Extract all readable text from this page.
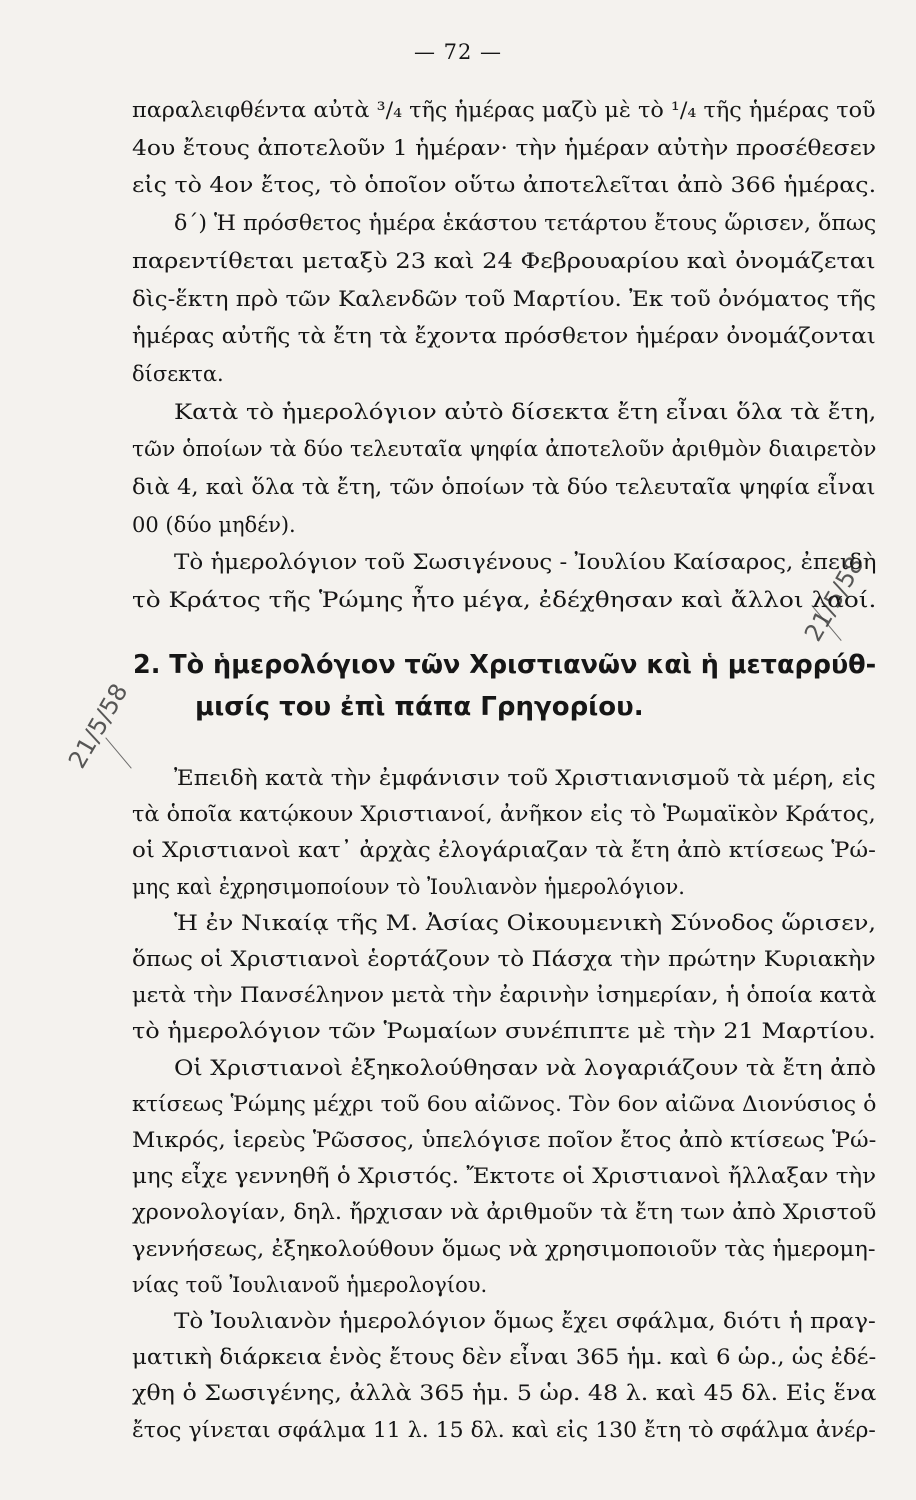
— 72 —
παραλειφθέντα αὐτὰ ³/₄ τῆς ἡμέρας μαζὺ μὲ τὸ ¹/₄ τῆς ἡμέρας τοῦ
4ου ἔτους ἀποτελοῦν 1 ἡμέραν· τὴν ἡμέραν αὐτὴν προσέθεσεν
εἰς τὸ 4ον ἔτος, τὸ ὁποῖον οὕτω ἀποτελεῖται ἀπὸ 366 ἡμέρας.
δ΄) Ἡ πρόσθετος ἡμέρα ἑκάστου τετάρτου ἔτους ὥρισεν, ὅπως
παρεντίθεται μεταξὺ 23 καὶ 24 Φεβρουαρίου καὶ ὀνομάζεται
δὶς-ἕκτη πρὸ τῶν Καλενδῶν τοῦ Μαρτίου. Ἐκ τοῦ ὀνόματος τῆς
ἡμέρας αὐτῆς τὰ ἔτη τὰ ἔχοντα πρόσθετον ἡμέραν ὀνομάζονται
δίσεκτα.
Κατὰ τὸ ἡμερολόγιον αὐτὸ δίσεκτα ἔτη εἶναι ὅλα τὰ ἔτη,
τῶν ὁποίων τὰ δύο τελευταῖα ψηφία ἀποτελοῦν ἀριθμὸν διαιρετὸν
διὰ 4, καὶ ὅλα τὰ ἔτη, τῶν ὁποίων τὰ δύο τελευταῖα ψηφία εἶναι
00 (δύο μηδέν).
Τὸ ἡμερολόγιον τοῦ Σωσιγένους - Ἰουλίου Καίσαρος, ἐπειδὴ
τὸ Κράτος τῆς Ῥώμης ἦτο μέγα, ἐδέχθησαν καὶ ἄλλοι λαοί.
2. Τὸ ἡμερολόγιον τῶν Χριστιανῶν καὶ ἡ μεταρρύθ-
μισίς του ἐπὶ πάπα Γρηγορίου.
Ἐπειδὴ κατὰ τὴν ἐμφάνισιν τοῦ Χριστιανισμοῦ τὰ μέρη, εἰς
τὰ ὁποῖα κατῴκουν Χριστιανοί, ἀνῆκον εἰς τὸ Ῥωμαϊκὸν Κράτος,
οἱ Χριστιανοὶ κατ᾽ ἀρχὰς ἐλογάριαζαν τὰ ἔτη ἀπὸ κτίσεως Ῥώ-
μης καὶ ἐχρησιμοποίουν τὸ Ἰουλιανὸν ἡμερολόγιον.
Ἡ ἐν Νικαίᾳ τῆς Μ. Ἀσίας Οἰκουμενικὴ Σύνοδος ὥρισεν,
ὅπως οἱ Χριστιανοὶ ἑορτάζουν τὸ Πάσχα τὴν πρώτην Κυριακὴν
μετὰ τὴν Πανσέληνον μετὰ τὴν ἐαρινὴν ἰσημερίαν, ἡ ὁποία κατὰ
τὸ ἡμερολόγιον τῶν Ῥωμαίων συνέπιπτε μὲ τὴν 21 Μαρτίου.
Οἱ Χριστιανοὶ ἐξηκολούθησαν νὰ λογαριάζουν τὰ ἔτη ἀπὸ
κτίσεως Ῥώμης μέχρι τοῦ 6ου αἰῶνος. Τὸν 6ον αἰῶνα Διονύσιος ὁ
Μικρός, ἱερεὺς Ῥῶσσος, ὑπελόγισε ποῖον ἔτος ἀπὸ κτίσεως Ῥώ-
μης εἶχε γεννηθῆ ὁ Χριστός. Ἔκτοτε οἱ Χριστιανοὶ ἤλλαξαν τὴν
χρονολογίαν, δηλ. ἤρχισαν νὰ ἀριθμοῦν τὰ ἔτη των ἀπὸ Χριστοῦ
γεννήσεως, ἐξηκολούθουν ὅμως νὰ χρησιμοποιοῦν τὰς ἡμερομη-
νίας τοῦ Ἰουλιανοῦ ἡμερολογίου.
Τὸ Ἰουλιανὸν ἡμερολόγιον ὅμως ἔχει σφάλμα, διότι ἡ πραγ-
ματικὴ διάρκεια ἑνὸς ἔτους δὲν εἶναι 365 ἡμ. καὶ 6 ὡρ., ὡς ἐδέ-
χθη ὁ Σωσιγένης, ἀλλὰ 365 ἡμ. 5 ὡρ. 48 λ. καὶ 45 δλ. Εἰς ἕνα
ἔτος γίνεται σφάλμα 11 λ. 15 δλ. καὶ εἰς 130 ἔτη τὸ σφάλμα ἀνέρ-
21/5/58
21/5/58
